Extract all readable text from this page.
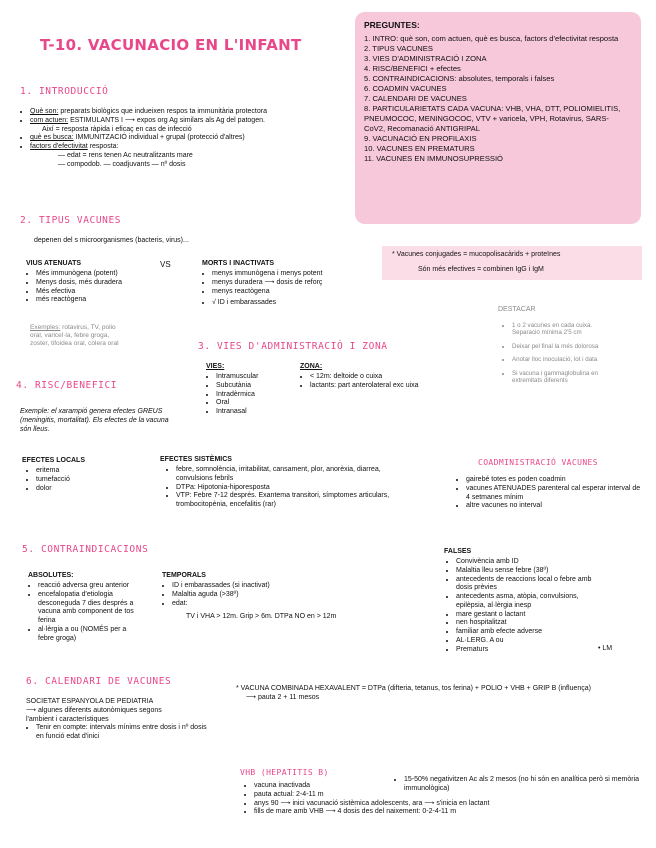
T-10. VACUNACIO EN L'INFANT
PREGUNTES:
1. INTRO: què son, com actuen, què es busca, factors d'efectivitat resposta
2. TIPUS VACUNES
3. VIES D'ADMINISTRACIÓ I ZONA
4. RISC/BENEFICI + efectes
5. CONTRAINDICACIONS: absolutes, temporals i falses
6. COADMIN VACUNES
7. CALENDARI DE VACUNES
8. PARTICULARIETATS CADA VACUNA: VHB, VHA, DTT, POLIOMIELITIS, PNEUMOCOC, MENINGOCOC, VTV + varicela, VPH, Rotavirus, SARS-CoV2, Recomanació ANTIGRIPAL
9. VACUNACIÓ EN PROFILAXIS
10. VACUNES EN PREMATURS
11. VACUNES EN IMMUNOSUPRESSIÓ
1. INTRODUCCIÓ
• Què son: preparats biològics que indueixen respos ta immunitària protectora
• com actuen: ESTIMULANTS I ⟶ expos org Ag similars als Ag del patogen.
Així = resposta ràpida i eficaç en cas de infecció
• què es busca: IMMUNITZACIÓ individual + grupal (protecció d'altres)
• factors d'efectivitat resposta:
— edat = rens tenen Ac neutralitzants mare
— compodob. — coadjuvants — nº dosis
2. TIPUS VACUNES
depenen del s microorganismes (bacteris, virus)...
VIUS ATENUATS	VS
• Més immunògena (potent)
• Menys dosis, més duradera
• Més efectiva
• més reactògena
Exemples: rotavirus, TV, polio oral, varicel·la, febre groga, zoster, tifoidea oral, còlera oral
MORTS I INACTIVATS
• menys immunògena i menys potent
• menys duradera ⟶ dosis de reforç
• menys reactògena
• √ ID i embarassades
* Vacunes conjugades = mucopolisacàrids + proteïnes
Són més efectives = combinen IgG i IgM
DESTACAR
• 1 o 2 vacunes en cada cuixa. Separació mínima 2'5 cm
• Deixar pel final la més dolorosa
• Anotar lloc inoculació, lot i data
• Si vacuna i gammaglobulina en extremitats diferents
3. VIES D'ADMINISTRACIÓ I ZONA
VIES:
• Intramuscular
• Subcutània
• Intradèrmica
• Oral
• Intranasal
ZONA:
• < 12m: deltoide o cuixa
• lactants: part anterolateral exc uixa
4. RISC/BENEFICI
Exemple: el xarampió genera efectes GREUS (meningitis, mortalitat). Els efectes de la vacuna són lleus.
EFECTES LOCALS
• eritema
• tumefacció
• dolor
EFECTES SISTÈMICS
• febre, somnolència, irritabilitat, cansament, plor, anorèxia, diarrea, convulsions febrils
• DTPa: Hipotonia-hiporesposta
• VTP: Febre 7-12 després. Exantema transitori, símptomes articulars, trombocitopènia, encefalitis (rar)
COADMINISTRACIÓ VACUNES
• gairebé totes es poden coadmin
• vacunes ATENUADES parenteral cal esperar interval de 4 setmanes mínim
• altre vacunes no interval
5. CONTRAINDICACIONS
ABSOLUTES:
• reacció adversa greu anterior
• encefalopatia d'etiologia desconeguda 7 dies després a vacuna amb component de tos ferina
• al·lèrgia a ou (NOMÉS per a febre groga)
TEMPORALS
• ID i embarassades (si inactivat)
• Malaltia aguda (>38º)
• edat:
TV i VHA > 12m. Grip > 6m. DTPa NO en > 12m
FALSES
• Convivència amb ID
• Malaltia lleu sense febre (38º)
• antecedents de reaccions local o febre amb dosis prèvies
• antecedents asma, atòpia, convulsions, epilèpsia, al·lèrgia inesp
• mare gestant o lactant
• nen hospitalitzat
• familiar amb efecte adverse
• AL·LERG. A ou
• Prematurs	• LM
6. CALENDARI DE VACUNES
SOCIETAT ESPANYOLA DE PEDIATRIA
⟶ algunes diferents autonòmiques segons
l'ambient i característiques
• Tenir en compte: intervals mínims entre dosis i nº dosis en funció edat d'inici
* VACUNA COMBINADA HEXAVALENT = DTPa (difteria, tetanus, tos ferina) + POLIO + VHB + GRIP B (influença)
⟶ pauta 2 + 11 mesos
VHB (HEPATITIS B)
• vacuna inactivada
• pauta actual: 2-4-11 m
• anys 90 ⟶ inici vacunació sistèmica adolescents, ara ⟶ s'inicia en lactant
• fills de mare amb VHB ⟶ 4 dosis des del naixement: 0-2-4-11 m
• 15-50% negativitzen Ac als 2 mesos (no hi són en analítica però si memòria immunològica)
